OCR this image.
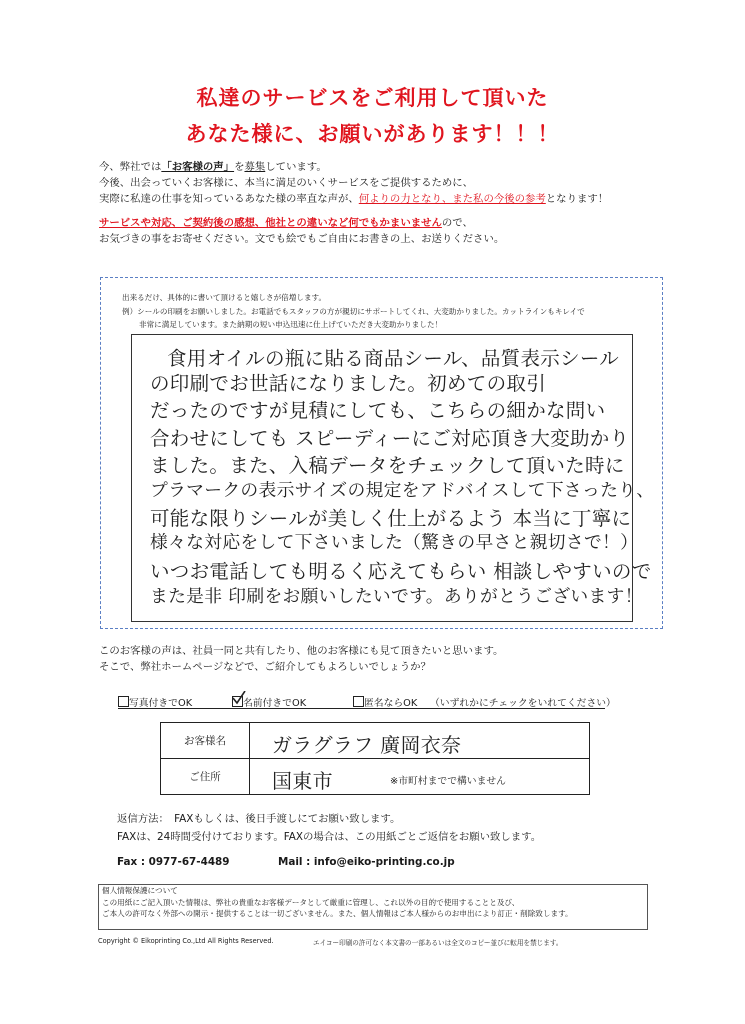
私達のサービスをご利用して頂いた
あなた様に、お願いがあります！！！
今、弊社では「お客様の声」を募集しています。
今後、出会っていくお客様に、本当に満足のいくサービスをご提供するために、
実際に私達の仕事を知っているあなた様の率直な声が、何よりの力となり、また私の今後の参考となります！
サービスや対応、ご契約後の感想、他社との違いなど何でもかまいませんので、
お気づきの事をお寄せください。文でも絵でもご自由にお書きの上、お送りください。
出来るだけ、具体的に書いて頂けると嬉しさが倍増します。
例）シールの印刷をお願いしました。お電話でもスタッフの方が親切にサポートしてくれ、大変助かりました。カットラインもキレイで
非常に満足しています。また納期の短い申込迅速に仕上げていただき大変助かりました！
食用オイルの瓶に貼る商品シール、品質表示シール
の印刷でお世話になりました。初めての取引
だったのですが見積にしても、こちらの細かな問い
合わせにしても スピーディーにご対応頂き大変助かり
ました。また、入稿データをチェックして頂いた時に
プラマークの表示サイズの規定をアドバイスして下さったり、
可能な限りシールが美しく仕上がるよう 本当に丁寧に
様々な対応をして下さいました（驚きの早さと親切さで！）
いつお電話しても明るく応えてもらい 相談しやすいので
また是非 印刷をお願いしたいです。ありがとうございます！
このお客様の声は、社員一同と共有したり、他のお客様にも見て頂きたいと思います。
そこで、弊社ホームページなどで、ご紹介してもよろしいでしょうか？
写真付きでOK	名前付きでOK	匿名ならOK （いずれかにチェックをいれてください）
お客様名	ガラグラフ 廣岡衣奈

ご住所	国東市 ※市町村までで構いません
返信方法：　FAXもしくは、後日手渡しにてお願い致します。
FAXは、24時間受付けております。FAXの場合は、この用紙ごとご返信をお願い致します。
Fax : 0977-67-4489	Mail : info@eiko-printing.co.jp
個人情報保護について
この用紙にご記入頂いた情報は、弊社の貴重なお客様データとして厳重に管理し、これ以外の目的で使用することと及び、
ご本人の許可なく外部への開示・提供することは一切ございません。また、個人情報はご本人様からのお申出により訂正・削除致します。
Copyright © Eikoprinting Co.,Ltd All Rights Reserved.	エイコー印刷の許可なく本文書の一部あるいは全文のコピー並びに転用を禁じます。
